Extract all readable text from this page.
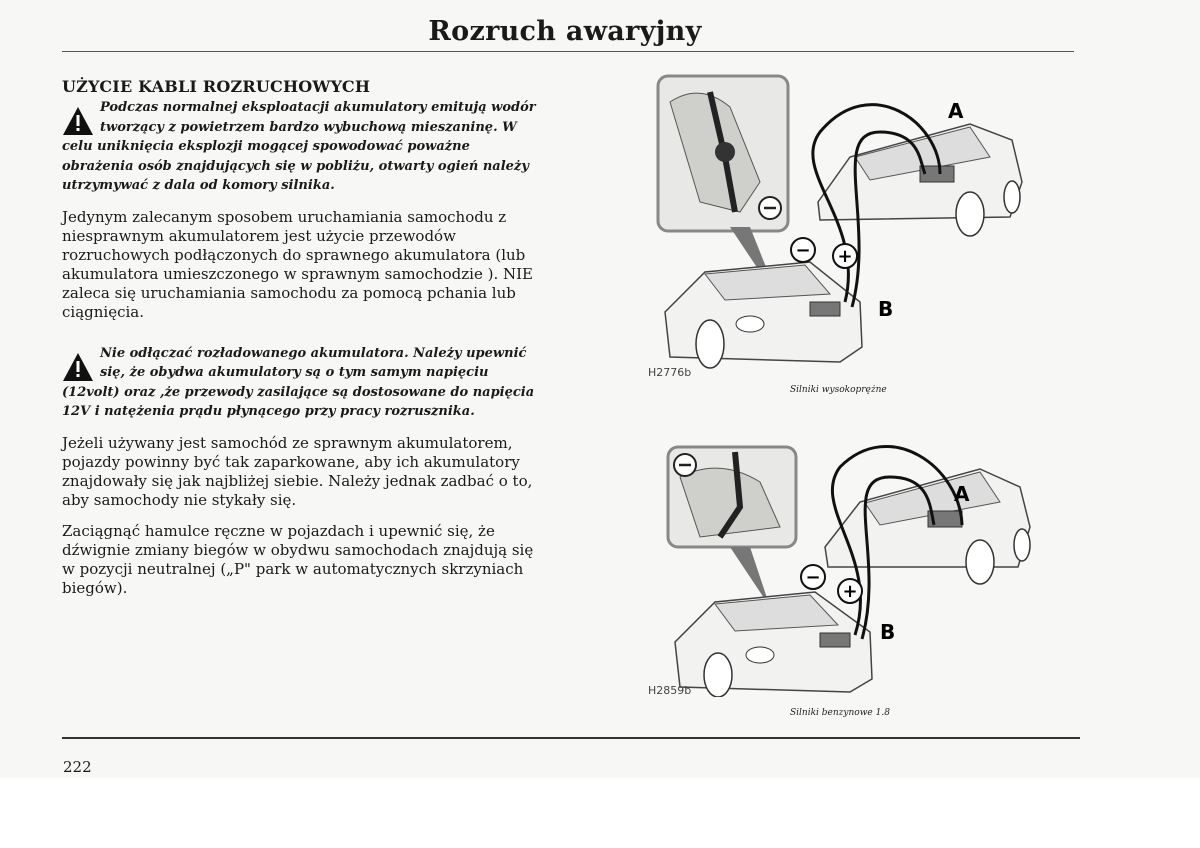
Rozruch awaryjny
UŻYCIE KABLI ROZRUCHOWYCH

Podczas normalnej eksploatacji akumulatory emitują wodór tworzący z powietrzem bardzo wybuchową mieszaninę. W celu uniknięcia eksplozji mogącej spowodować poważne obrażenia osób znajdujących się w pobliżu, otwarty ogień należy utrzymywać z dala od komory silnika.

Jedynym zalecanym sposobem uruchamiania samochodu z niesprawnym akumulatorem jest użycie przewodów rozruchowych podłączonych do sprawnego akumulatora (lub akumulatora umieszczonego w sprawnym samochodzie ). NIE zaleca się uruchamiania samochodu za pomocą pchania lub ciągnięcia.

Nie odłączać rozładowanego akumulatora. Należy upewnić się, że obydwa akumulatory są o tym samym napięciu (12volt) oraz ,że przewody zasilające są dostosowane do napięcia 12V i natężenia prądu płynącego przy pracy rozrusznika.

Jeżeli używany jest samochód ze sprawnym akumulatorem, pojazdy powinny być tak zaparkowane, aby ich akumulatory znajdowały się jak najbliżej siebie. Należy jednak zadbać o to, aby samochody nie stykały się.

Zaciągnąć hamulce ręczne w pojazdach i upewnić się, że dźwignie zmiany biegów w obydwu samochodach znajdują się w pozycji neutralnej („P" park w automatycznych skrzyniach biegów).

− +
A
B
H2776b
Silniki wysokoprężne
−
+
A
B
H2859b
Silniki benzynowe 1.8
222
